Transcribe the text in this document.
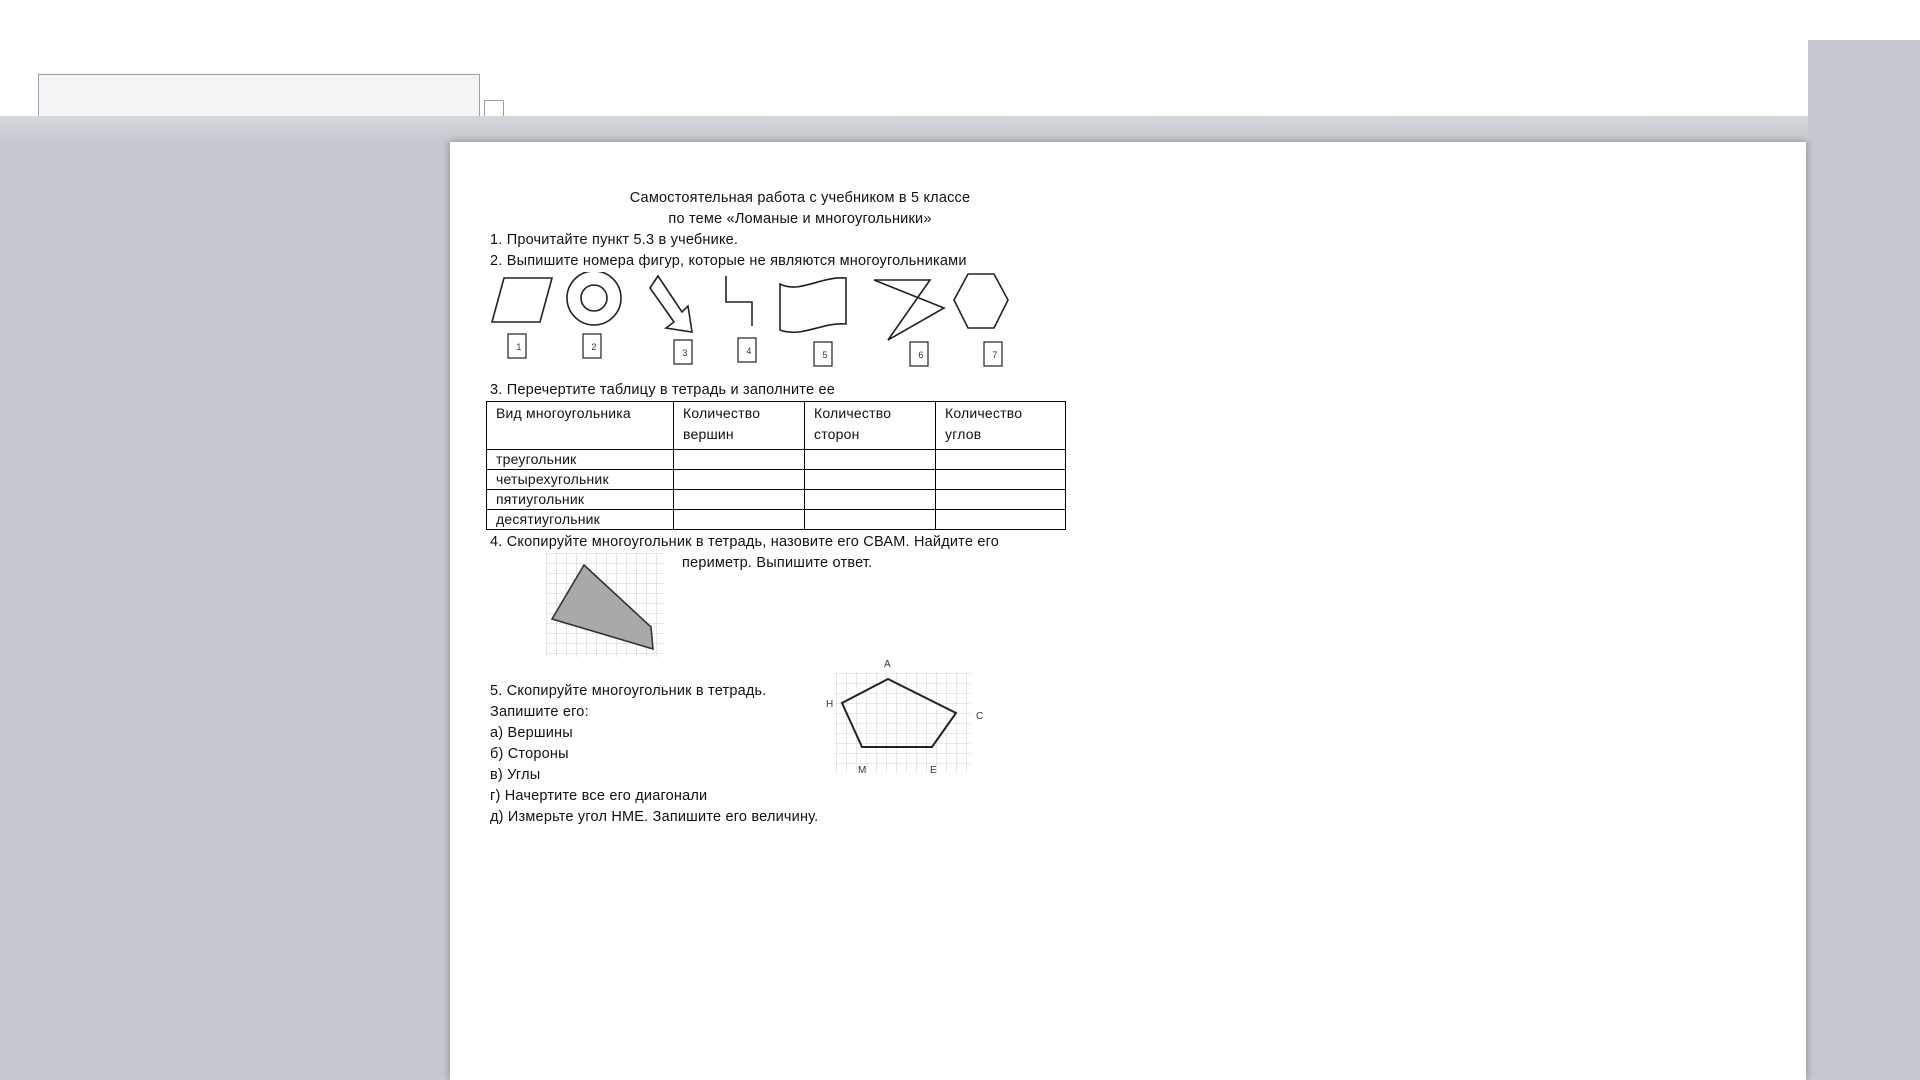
Самостоятельная работа с учебником в 5 классе
по теме «Ломаные и многоугольники»
1. Прочитайте пункт 5.3 в учебнике.
2. Выпишите номера фигур, которые не являются многоугольниками
1	2
3	4	5	6	7
3. Перечертите таблицу в тетрадь и заполните ее
Вид многоугольника	Количество вершин	Количество сторон	Количество углов
треугольник			
четырехугольник			
пятиугольник			
десятиугольник			
4. Скопируйте многоугольник в тетрадь, назовите его СВАМ. Найдите его
периметр. Выпишите ответ.
5. Скопируйте многоугольник в тетрадь.
Запишите его:
а) Вершины
б) Стороны
в) Углы
г) Начертите все его диагонали
д) Измерьте угол НМЕ. Запишите его величину.
A
H
C
M	E
